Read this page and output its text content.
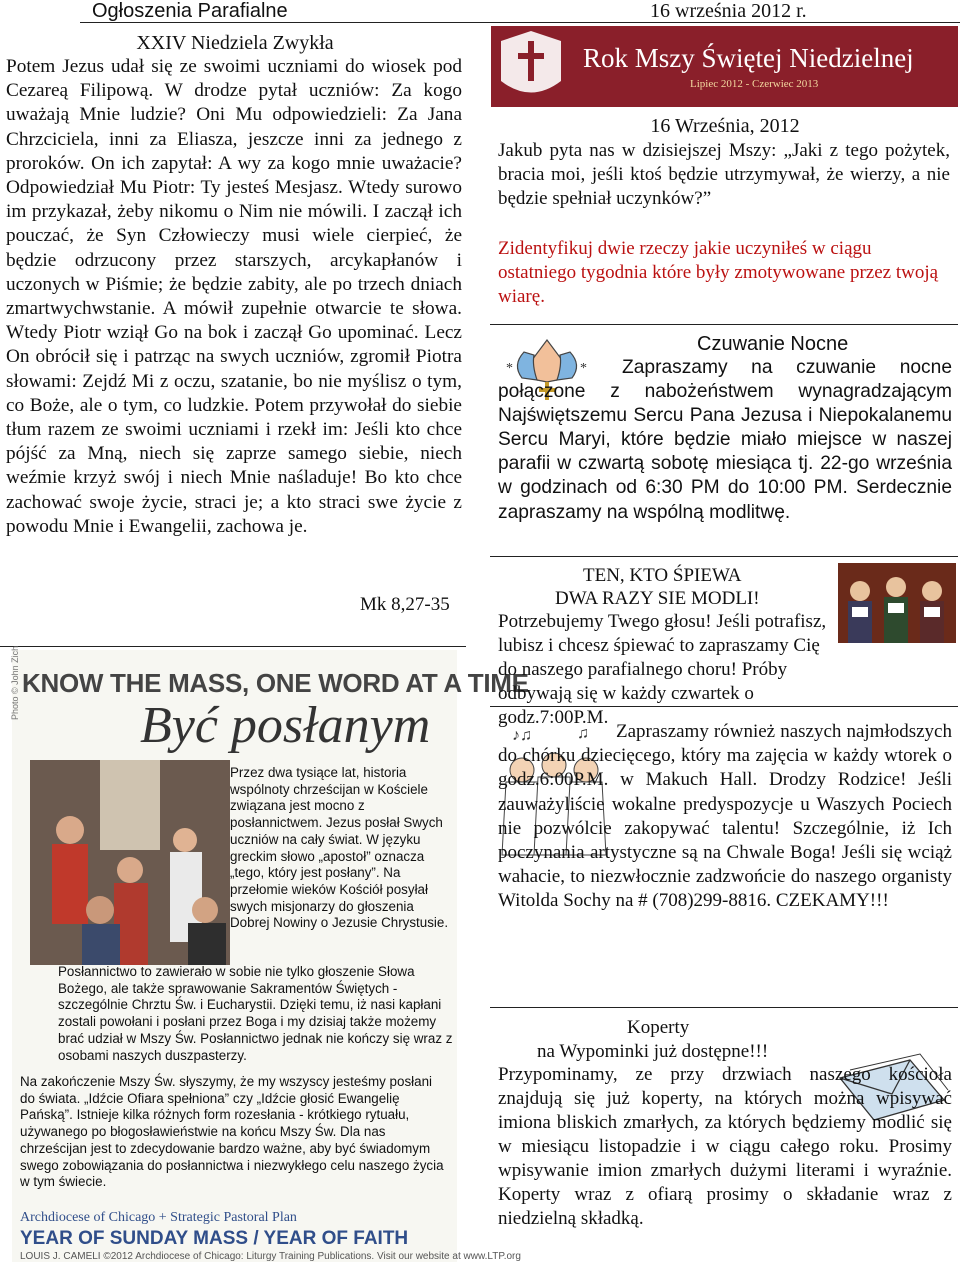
Ogłoszenia Parafialne	16 września 2012 r.
XXIV Niedziela Zwykła
Potem Jezus udał się ze swoimi uczniami do wiosek pod Cezareą Filipową. W drodze pytał uczniów: Za kogo uważają Mnie ludzie? Oni Mu odpowiedzieli: Za Jana Chrzciciela, inni za Eliasza, jeszcze inni za jednego z proroków. On ich zapytał: A wy za kogo mnie uważacie? Odpowiedział Mu Piotr: Ty jesteś Mesjasz. Wtedy surowo im przykazał, żeby nikomu o Nim nie mówili. I zaczął ich pouczać, że Syn Człowieczy musi wiele cierpieć, że będzie odrzucony przez starszych, arcykapłanów i uczonych w Piśmie; że będzie zabity, ale po trzech dniach zmartwychwstanie. A mówił zupełnie otwarcie te słowa. Wtedy Piotr wziął Go na bok i zaczął Go upominać. Lecz On obrócił się i patrząc na swych uczniów, zgromił Piotra słowami: Zejdź Mi z oczu, szatanie, bo nie myślisz o tym, co Boże, ale o tym, co ludzkie. Potem przywołał do siebie tłum razem ze swoimi uczniami i rzekł im: Jeśli kto chce pójść za Mną, niech się zaprze samego siebie, niech weźmie krzyż swój i niech Mnie naśladuje! Bo kto chce zachować swoje życie, straci je; a kto straci swe życie z powodu Mnie i Ewangelii, zachowa je.
Mk 8,27-35
KNOW THE MASS, ONE WORD AT A TIME
Być posłanym
Photo © John Zich
Przez dwa tysiące lat, historia wspólnoty chrześcijan w Kościele związana jest mocno z posłannictwem. Jezus posłał Swych uczniów na cały świat. W języku greckim słowo „apostoł” oznacza „tego, który jest posłany”. Na przełomie wieków Kościół posyłał swych misjonarzy do głoszenia Dobrej Nowiny o Jezusie Chrystusie.
Posłannictwo to zawierało w sobie nie tylko głoszenie Słowa Bożego, ale także sprawowanie Sakramentów Świętych - szczególnie Chrztu Św. i Eucharystii. Dzięki temu, iż nasi kapłani zostali powołani i posłani przez Boga i my dzisiaj także możemy brać udział w Mszy Św. Posłannictwo jednak nie kończy się wraz z osobami naszych duszpasterzy.
Na zakończenie Mszy Św. słyszymy, że my wszyscy jesteśmy posłani do świata. „Idźcie Ofiara spełniona” czy „Idźcie głosić Ewangelię Pańską”. Istnieje kilka różnych form rozesłania - krótkiego rytuału, używanego po błogosławieństwie na końcu Mszy Św. Dla nas chrześcijan jest to zdecydowanie bardzo ważne, aby być świadomym swego zobowiązania do posłannictwa i niezwykłego celu naszego życia w tym świecie.
Archdiocese of Chicago + Strategic Pastoral Plan
YEAR OF SUNDAY MASS / YEAR OF FAITH
LOUIS J. CAMELI ©2012 Archdiocese of Chicago: Liturgy Training Publications. Visit our website at www.LTP.org
Rok Mszy Świętej Niedzielnej
Lipiec 2012 - Czerwiec 2013
16 Września, 2012
Jakub pyta nas w dzisiejszej Mszy: „Jaki z tego pożytek, bracia moi, jeśli ktoś będzie utrzymywał, że wierzy, a nie będzie spełniał uczynków?”
Zidentyfikuj dwie rzeczy jakie uczyniłeś w ciągu ostatniego tygodnia które były zmotywowane przez twoją wiarę.
*	*
Czuwanie Nocne
Zapraszamy na czuwanie nocne połączone z nabożeństwem wynagradzającym Najświętszemu Sercu Pana Jezusa i Niepokalanemu Sercu Maryi, które będzie miało miejsce w naszej parafii w czwartą sobotę miesiąca tj. 22-go września w godzinach od 6:30 PM do 10:00 PM. Serdecznie zapraszamy na wspólną modlitwę.
TEN, KTO ŚPIEWA
DWA RAZY SIE MODLI!
Potrzebujemy Twego głosu! Jeśli potrafisz, lubisz i chcesz śpiewać to zapraszamy Cię do naszego parafialnego choru! Próby odbywają się w każdy czwartek o godz.7:00P.M.
♪♫	♫	Zapraszamy również naszych najmłodszych do chórku dziecięcego, który ma zajęcia w każdy wtorek o godz.6:00P.M. w Makuch Hall. Drodzy Rodzice! Jeśli zauważyliście wokalne predyspozycje u Waszych Pociech nie pozwólcie zakopywać talentu! Szczególnie, iż Ich poczynania artystyczne są na Chwale Boga! Jeśli się wciąż wahacie, to niezwłocznie zadzwońcie do naszego organisty Witolda Sochy na # (708)299-8816. CZEKAMY!!!
Koperty
na Wypominki już dostępne!!!
Przypominamy, ze przy drzwiach naszego kościoła znajdują się już koperty, na których można wpisywać imiona bliskich zmarłych, za których będziemy modlić się w miesiącu listopadzie i w ciągu całego roku. Prosimy wpisywanie imion zmarłych dużymi literami i wyraźnie. Koperty wraz z ofiarą prosimy o składanie wraz z niedzielną składką.
